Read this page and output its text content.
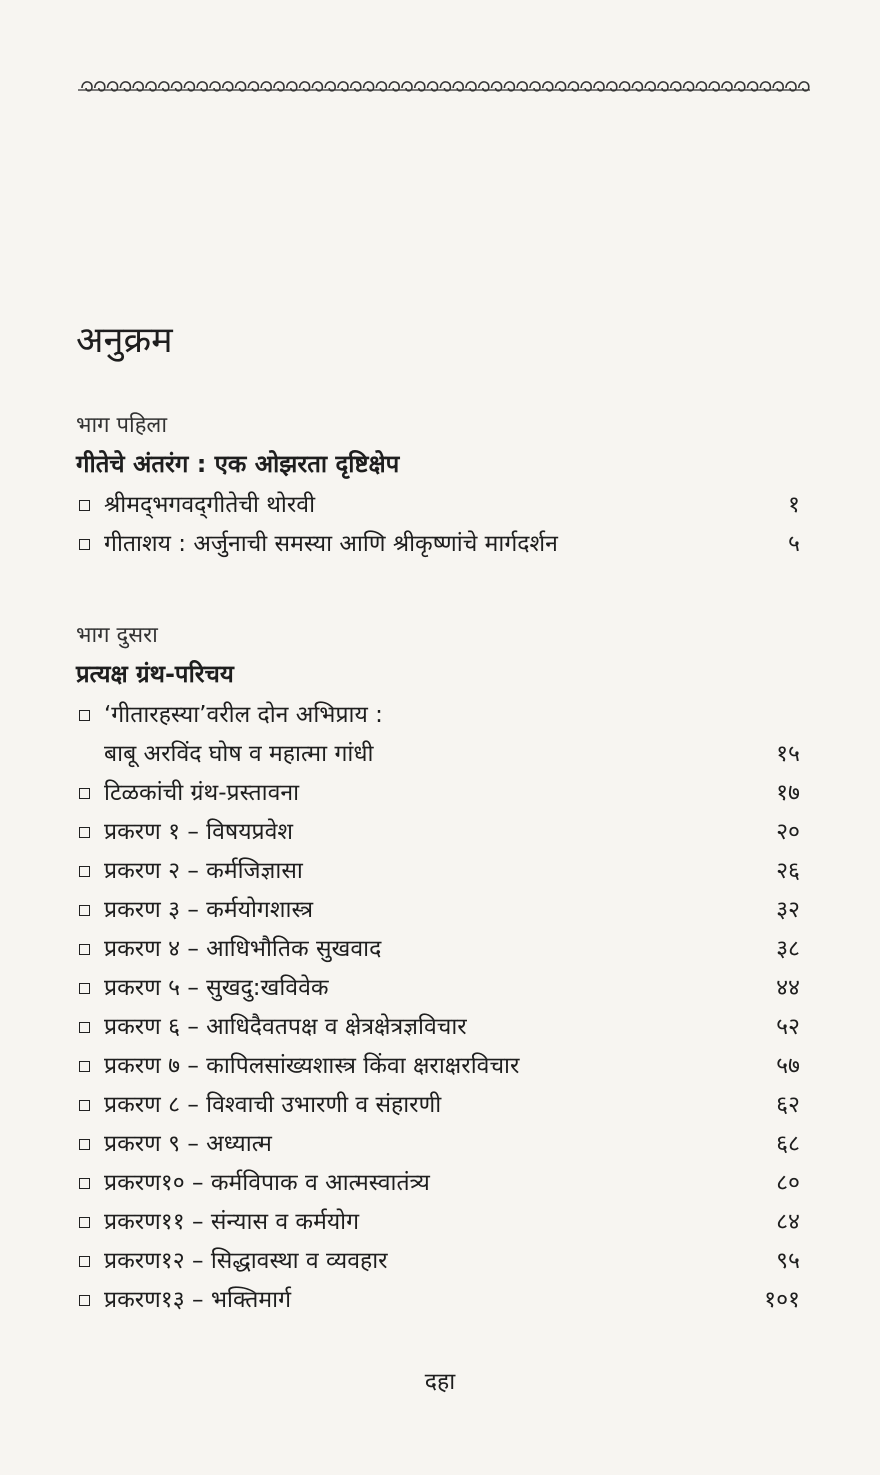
अनुक्रम
भाग पहिला
गीतेचे अंतरंग : एक ओझरता दृष्टिक्षेप
श्रीमद्‌भगवद्‌गीतेची थोरवी	१
गीताशय : अर्जुनाची समस्या आणि श्रीकृष्णांचे मार्गदर्शन	५
भाग दुसरा
प्रत्यक्ष ग्रंथ-परिचय
‘गीतारहस्या’वरील दोन अभिप्राय :
बाबू अरविंद घोष व महात्मा गांधी	१५
टिळकांची ग्रंथ-प्रस्तावना	१७
प्रकरण १ – विषयप्रवेश	२०
प्रकरण २ – कर्मजिज्ञासा	२६
प्रकरण ३ – कर्मयोगशास्त्र	३२
प्रकरण ४ – आधिभौतिक सुखवाद	३८
प्रकरण ५ – सुखदु:खविवेक	४४
प्रकरण ६ – आधिदैवतपक्ष व क्षेत्रक्षेत्रज्ञविचार	५२
प्रकरण ७ – कापिलसांख्यशास्त्र किंवा क्षराक्षरविचार	५७
प्रकरण ८ – विश्वाची उभारणी व संहारणी	६२
प्रकरण ९ – अध्यात्म	६८
प्रकरण१० – कर्मविपाक व आत्मस्वातंत्र्य	८०
प्रकरण११ – संन्यास व कर्मयोग	८४
प्रकरण१२ – सिद्धावस्था व व्यवहार	९५
प्रकरण१३ – भक्तिमार्ग	१०१
दहा
